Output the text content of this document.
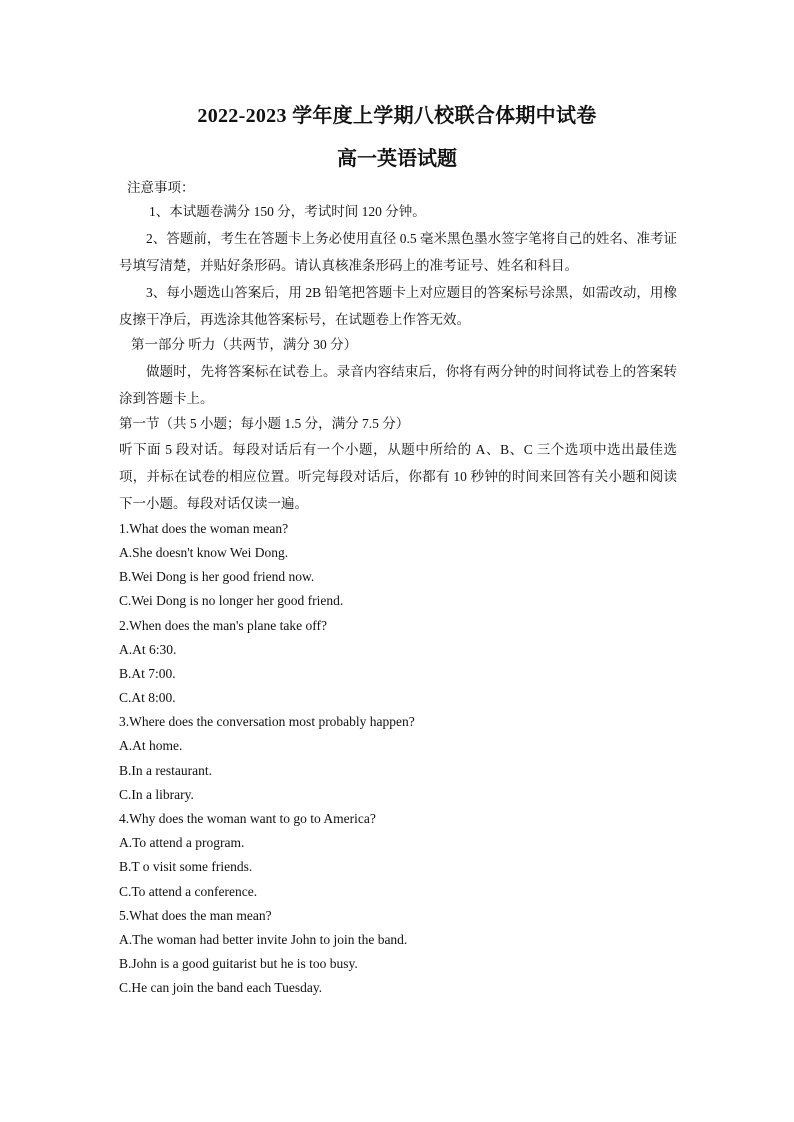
2022-2023 学年度上学期八校联合体期中试卷
高一英语试题
注意事项：
1、本试题卷满分 150 分，考试时间 120 分钟。
2、答题前，考生在答题卡上务必使用直径 0.5 毫米黑色墨水签字笔将自己的姓名、准考证号填写清楚，并贴好条形码。请认真核准条形码上的准考证号、姓名和科目。
3、每小题选山答案后，用 2B 铅笔把答题卡上对应题目的答案标号涂黑，如需改动，用橡皮擦干净后，再选涂其他答案标号，在试题卷上作答无效。
第一部分 听力（共两节，满分 30 分）
做题时，先将答案标在试卷上。录音内容结束后，你将有两分钟的时间将试卷上的答案转涂到答题卡上。
第一节（共 5 小题；每小题 1.5 分，满分 7.5 分）
听下面 5 段对话。每段对话后有一个小题，从题中所给的 A、B、C 三个选项中选出最佳选项，并标在试卷的相应位置。听完每段对话后，你都有 10 秒钟的时间来回答有关小题和阅读下一小题。每段对话仅读一遍。
1.What does the woman mean?
A.She doesn't know Wei Dong.
B.Wei Dong is her good friend now.
C.Wei Dong is no longer her good friend.
2.When does the man's plane take off?
A.At 6:30.
B.At 7:00.
C.At 8:00.
3.Where does the conversation most probably happen?
A.At home.
B.In a restaurant.
C.In a library.
4.Why does the woman want to go to America?
A.To attend a program.
B.T o visit some friends.
C.To attend a conference.
5.What does the man mean?
A.The woman had better invite John to join the band.
B.John is a good guitarist but he is too busy.
C.He can join the band each Tuesday.
